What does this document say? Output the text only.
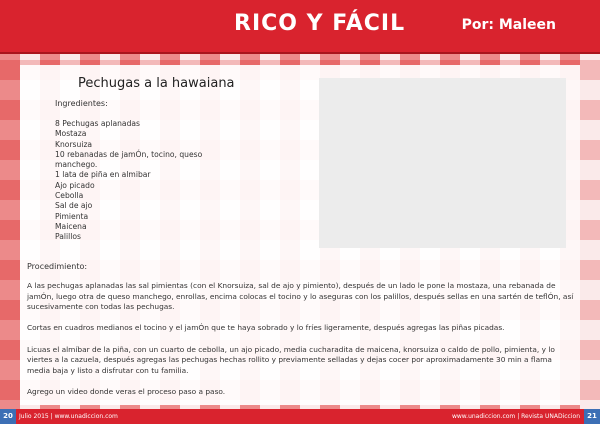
RICO Y FÁCIL	Por: Maleen
Pechugas a la hawaiana
Ingredientes:
8 Pechugas aplanadas
Mostaza
Knorsuiza
10 rebanadas de jamÓn, tocino, queso
manchego.
1 lata de piña en almibar
Ajo picado
Cebolla
Sal de ajo
Pimienta
Maicena
Palillos
Procedimiento:

A las pechugas aplanadas las sal pimientas (con el Knorsuiza, sal de ajo y pimiento), después de un lado le pone la mostaza, una rebanada de jamÓn, luego otra de queso manchego, enrollas, encima colocas el tocino y lo aseguras con los palillos, después sellas en una sartén de teflÓn, así sucesivamente con todas las pechugas.

Cortas en cuadros medianos el tocino y el jamÓn que te haya sobrado y lo fríes ligeramente, después agregas las piñas picadas.

Licuas el almíbar de la piña, con un cuarto de cebolla, un ajo picado, media cucharadita de maicena, knorsuiza o caldo de pollo, pimienta, y lo viertes a la cazuela, después agregas las pechugas hechas rollito y previamente selladas y dejas cocer por aproximadamente 30 min a flama media baja y listo a disfrutar con tu familia.

Agrego un video donde veras el proceso paso a paso.

20	Julio 2015 | www.unadiccion.com	www.unadiccion.com | Revista UNADiccion	21
